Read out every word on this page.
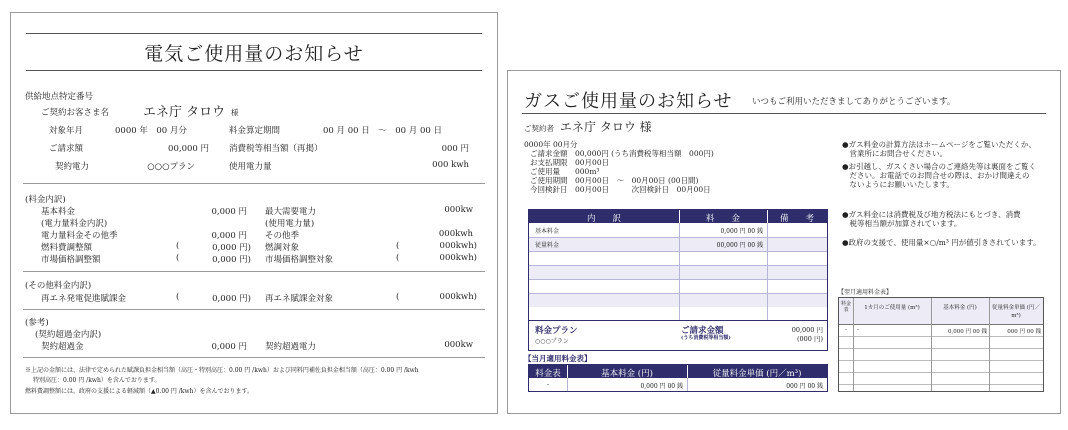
電気ご使用量のお知らせ
供給地点特定番号
ご契約お客さま名	エネ庁 タロウ 様
対象年月	0000 年　00 月分	料金算定期間	00 月 00 日　～　00 月 00 日
ご請求額	00,000 円 消費税等相当額（再掲）	000 円
契約電力	○○○プラン	使用電力量	000 kwh
(料金内訳)
基本料金	0,000 円 最大需要電力	000kw
(電力量料金内訳)	(使用電力量)
電力量料金その他季	0,000 円 その他季	000kwh
燃料費調整額	(	0,000 円) 燃調対象	(	000kwh)
市場価格調整額	(	0,000 円) 市場価格調整対象	(	000kwh)
(その他料金内訳)
再エネ発電促進賦課金	(	0,000 円) 再エネ賦課金対象	(	000kwh)
(参考)
(契約超過金内訳)
契約超過金	0,000 円 契約超過電力	000kw
※上記の金額には、法律で定められた賦課負担金相当額（高圧・特別高圧：0.00 円 /kwh）および同料円補佐負担金相当額（高圧：0.00 円 /kwh
特別高圧：0.00 円 /kwh）を含んでおります。
燃料費調整額には、政府の支援による軽減額（▲0.00 円 /kwh）を含んでおります。
ガスご使用量のお知らせ いつもご利用いただきましてありがとうございます。
ご契約者 エネ庁 タロウ 様
0000年 00月分
ご請求金額　00,000円 (うち消費税等相当額　000円)
お支払期限　00月00日
ご使用量　　000m³
ご使用期間　00月00日　～　00月00日 (00日間)
今回検針日　00月00日　　　次回検針日　00月00日
●ガス料金の計算方法はホームページをご覧いただくか、
　営業所にお問合せください。
●お引越し、ガスくさい場合のご連絡先等は裏面をご覧く
　ださい。お電話でのお問合せの際は、おかけ間違えの
　ないようにお願いいたします。
●ガス料金には消費税及び地方税法にもとづき、消費
　税等相当額が加算されています。
●政府の支援で、使用量×○/m³ 円が値引きされています。
内　　訳	料　　金	備　　考
基本料金	0,000 円 00 銭
従量料金	00,000 円 00 銭
料金プラン
○○○プラン
ご請求金額
(うち消費税等相当額)
00,000 円
(000 円)
【当月適用料金表】
料金表	基本料金 (円)	従量料金単価 (円／m³)
-	0,000 円 00 銭	000 円 00 銭
【翌月適用料金表】
料金表	1カ月のご使用量 (m³)	基本料金 (円)	従量料金単価 (円／m³)
-	-	0,000 円 00 銭	000 円 00 銭
